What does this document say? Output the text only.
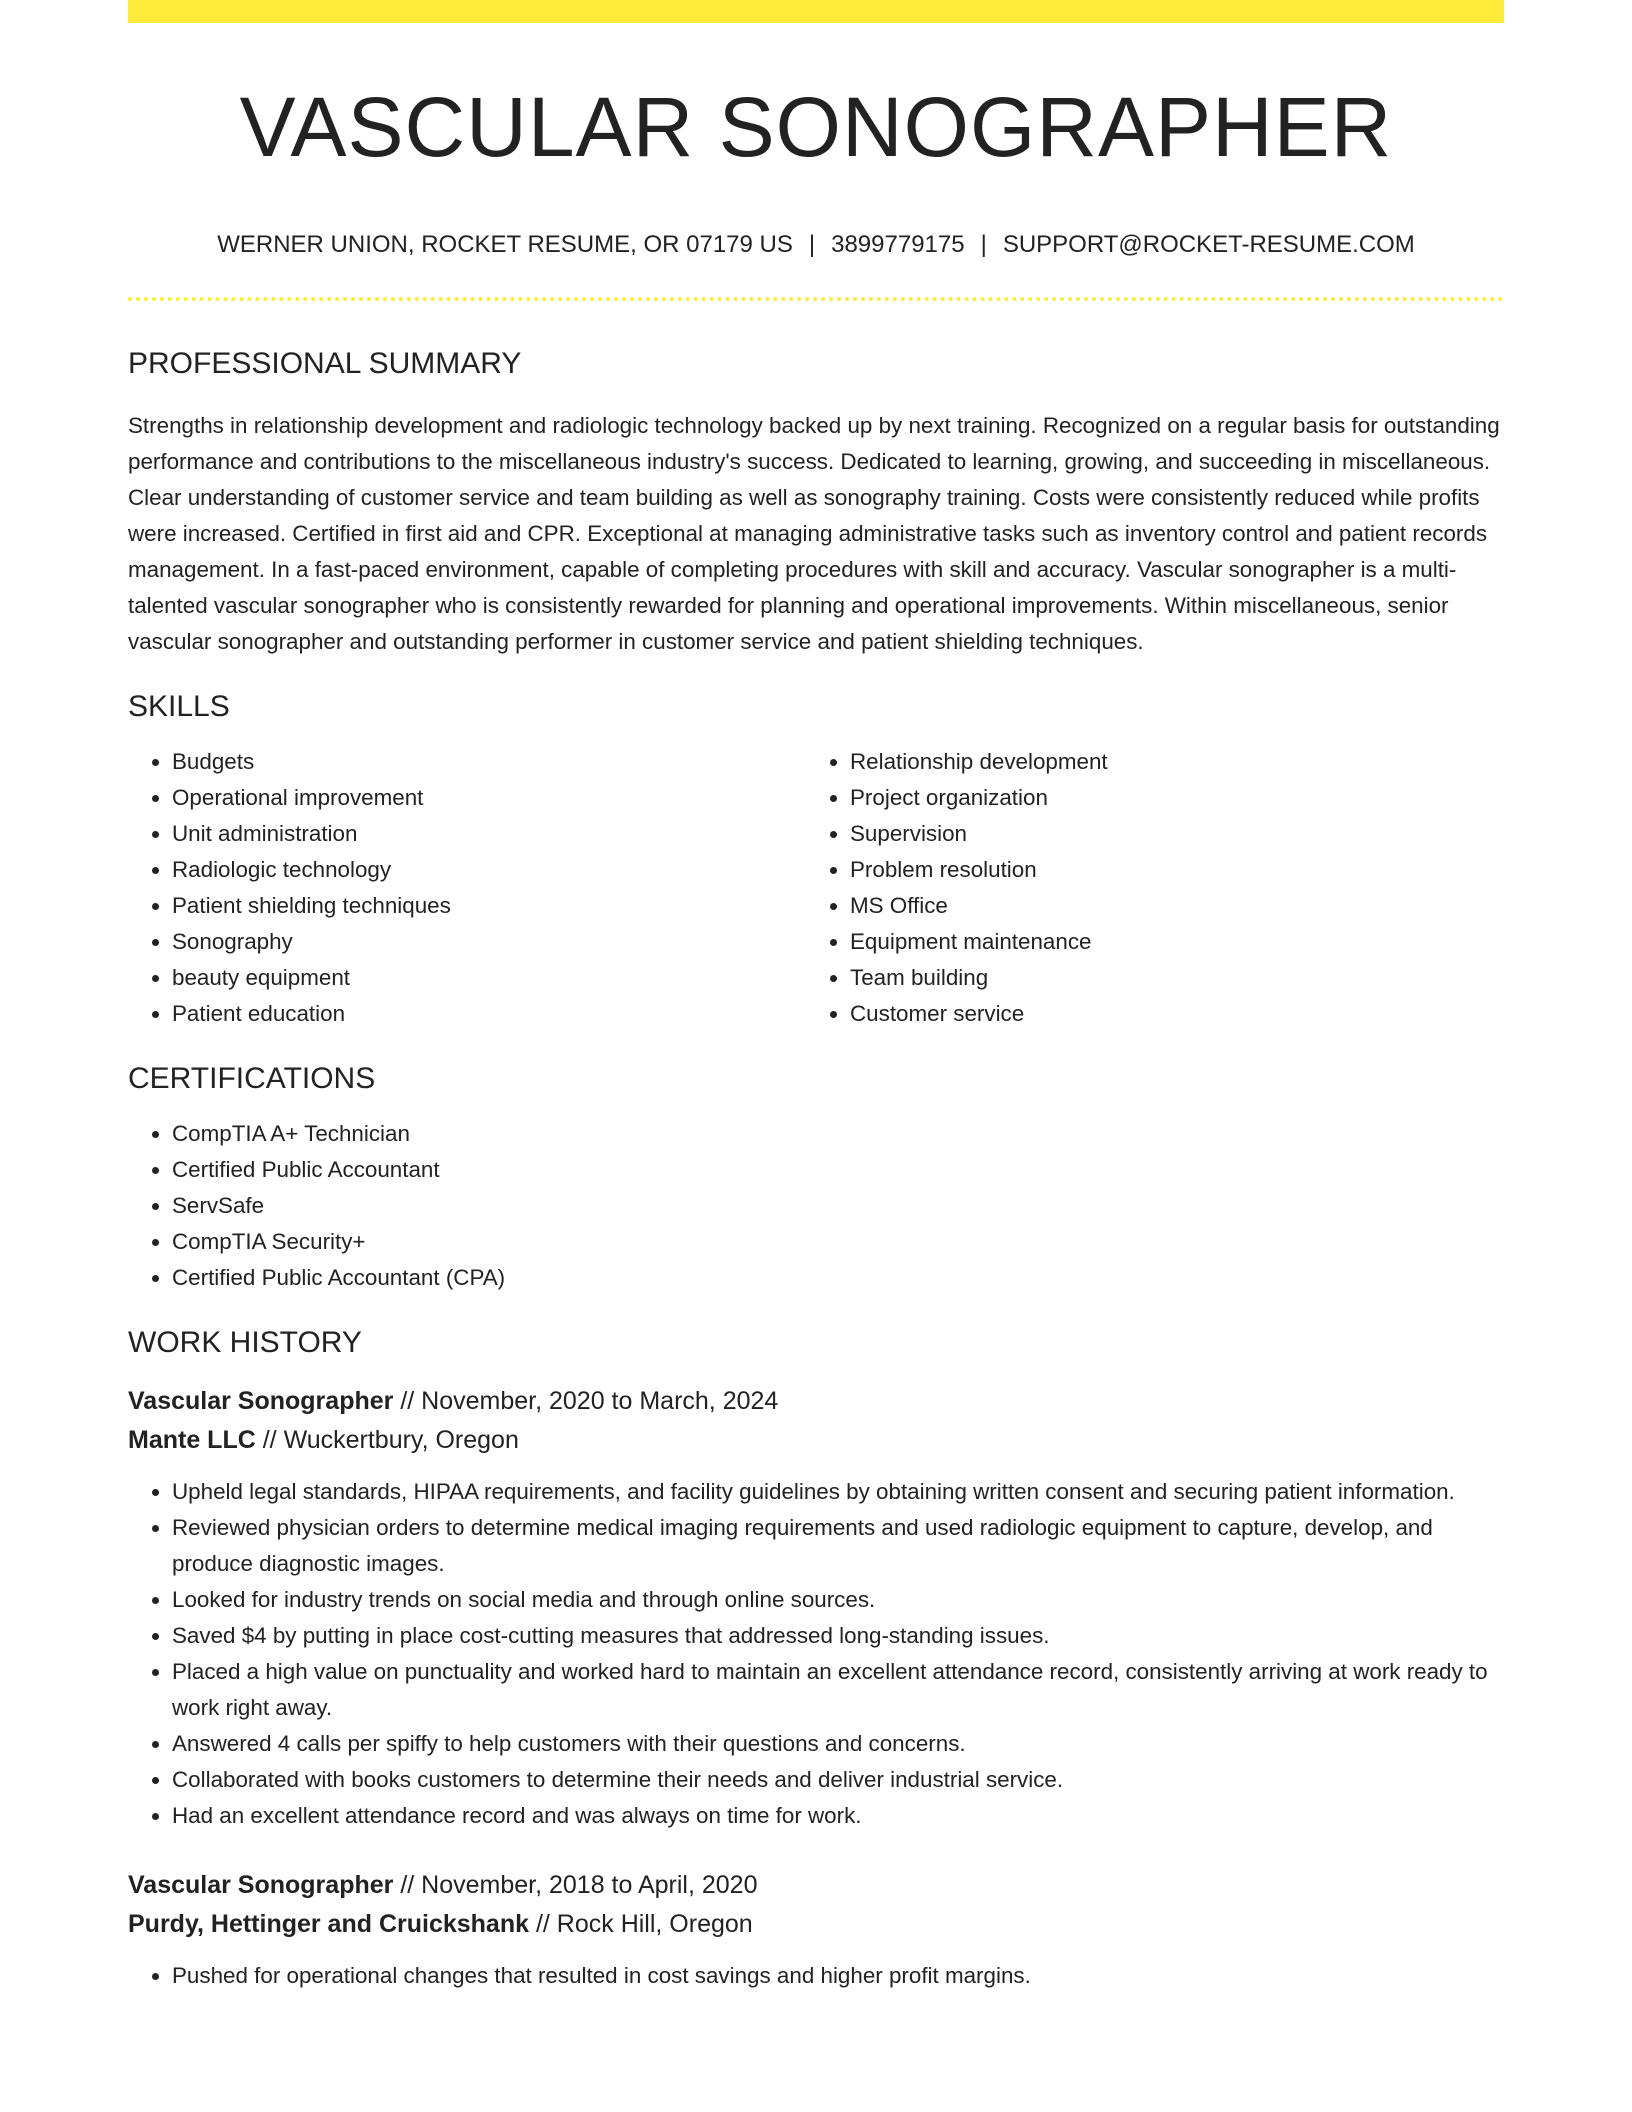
VASCULAR SONOGRAPHER
WERNER UNION, ROCKET RESUME, OR 07179 US | 3899779175 | SUPPORT@ROCKET-RESUME.COM
PROFESSIONAL SUMMARY
Strengths in relationship development and radiologic technology backed up by next training. Recognized on a regular basis for outstanding performance and contributions to the miscellaneous industry's success. Dedicated to learning, growing, and succeeding in miscellaneous. Clear understanding of customer service and team building as well as sonography training. Costs were consistently reduced while profits were increased. Certified in first aid and CPR. Exceptional at managing administrative tasks such as inventory control and patient records management. In a fast-paced environment, capable of completing procedures with skill and accuracy. Vascular sonographer is a multi-talented vascular sonographer who is consistently rewarded for planning and operational improvements. Within miscellaneous, senior vascular sonographer and outstanding performer in customer service and patient shielding techniques.
SKILLS
• Budgets
• Operational improvement
• Unit administration
• Radiologic technology
• Patient shielding techniques
• Sonography
• beauty equipment
• Patient education
• Relationship development
• Project organization
• Supervision
• Problem resolution
• MS Office
• Equipment maintenance
• Team building
• Customer service
CERTIFICATIONS
• CompTIA A+ Technician
• Certified Public Accountant
• ServSafe
• CompTIA Security+
• Certified Public Accountant (CPA)
WORK HISTORY
Vascular Sonographer // November, 2020 to March, 2024
Mante LLC // Wuckertbury, Oregon
• Upheld legal standards, HIPAA requirements, and facility guidelines by obtaining written consent and securing patient information.
• Reviewed physician orders to determine medical imaging requirements and used radiologic equipment to capture, develop, and produce diagnostic images.
• Looked for industry trends on social media and through online sources.
• Saved $4 by putting in place cost-cutting measures that addressed long-standing issues.
• Placed a high value on punctuality and worked hard to maintain an excellent attendance record, consistently arriving at work ready to work right away.
• Answered 4 calls per spiffy to help customers with their questions and concerns.
• Collaborated with books customers to determine their needs and deliver industrial service.
• Had an excellent attendance record and was always on time for work.
Vascular Sonographer // November, 2018 to April, 2020
Purdy, Hettinger and Cruickshank // Rock Hill, Oregon
• Pushed for operational changes that resulted in cost savings and higher profit margins.
